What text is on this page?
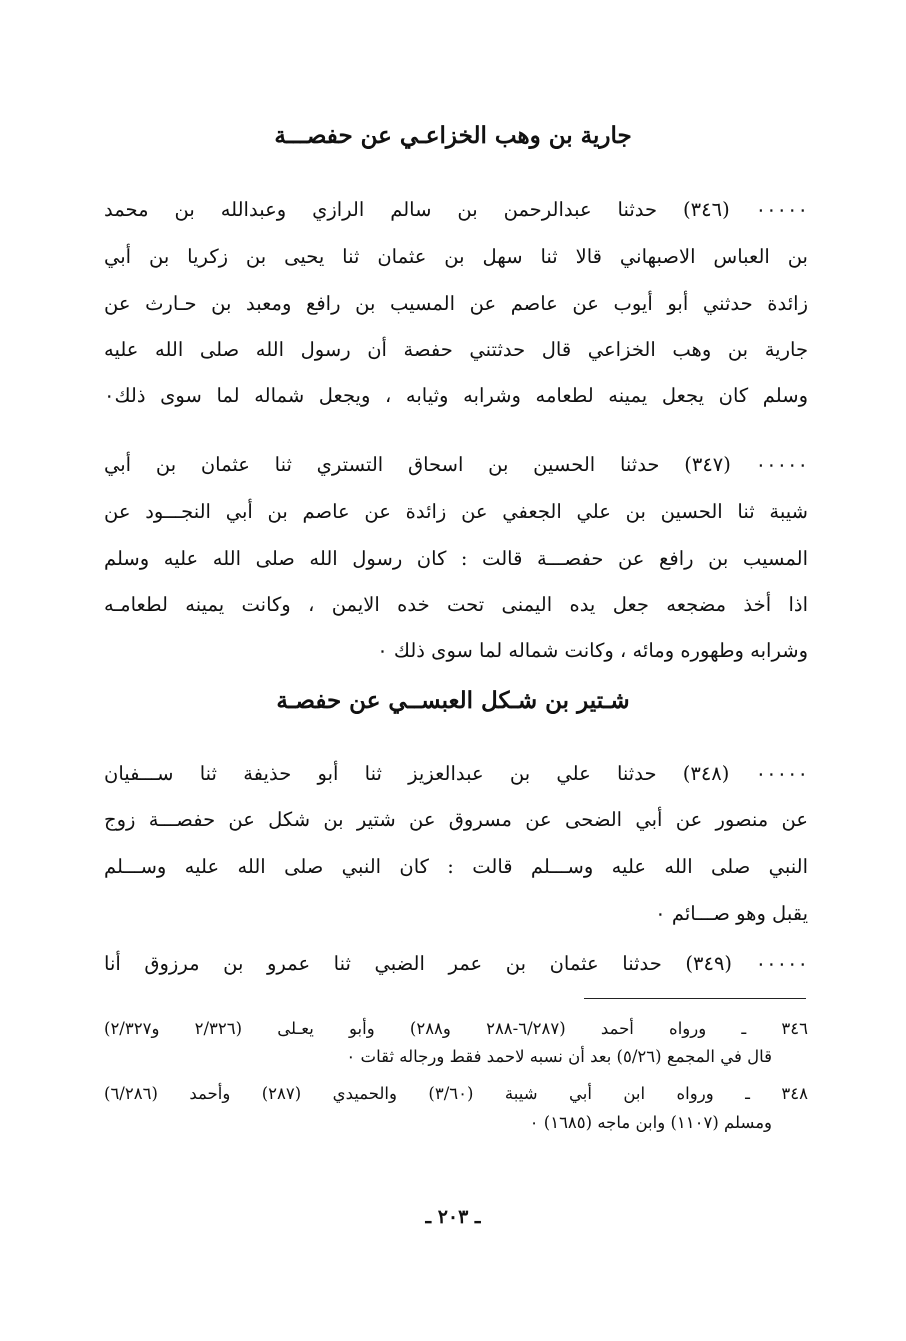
جارية بن وهب الخزاعـي عن حفصـــة
٠٠٠٠٠ (٣٤٦) حدثنا عبدالرحمن بن سالم الرازي وعبدالله بن محمد
بن العباس الاصبهاني قالا ثنا سهل بن عثمان ثنا يحيى بن زكريا بن أبي
زائدة حدثني أبو أيوب عن عاصم عن المسيب بن رافع ومعبد بن حـارث عن
جارية بن وهب الخزاعي قال حدثتني حفصة أن رسول الله صلى الله عليه
وسلم كان يجعل يمينه لطعامه وشرابه وثيابه ، ويجعل شماله لما سوى ذلك٠
٠٠٠٠٠ (٣٤٧) حدثنا الحسين بن اسحاق التستري ثنا عثمان بن أبي
شيبة ثنا الحسين بن علي الجعفي عن زائدة عن عاصم بن أبي النجـــود عن
المسيب بن رافع عن حفصـــة قالت : كان رسول الله صلى الله عليه وسلم
اذا أخذ مضجعه جعل يده اليمنى تحت خده الايمن ، وكانت يمينه لطعامـه
وشرابه وطهوره ومائه ، وكانت شماله لما سوى ذلك ٠
شـتير بن شـكل العبســي عن حفصـة
٠٠٠٠٠ (٣٤٨) حدثنا علي بن عبدالعزيز ثنا أبو حذيفة ثنا ســـفيان
عن منصور عن أبي الضحى عن مسروق عن شتير بن شكل عن حفصـــة زوج
النبي صلى الله عليه وســـلم قالت : كان النبي صلى الله عليه وســـلم
يقبل وهو صـــائم ٠
٠٠٠٠٠ (٣٤٩) حدثنا عثمان بن عمر الضبي ثنا عمرو بن مرزوق أنا
٣٤٦ ـ ورواه أحمد (٦/٢٨٧-٢٨٨ و٢٨٨) وأبو يعـلى (٢/٣٢٦ و٢/٣٢٧)
قال في المجمع (٥/٢٦) بعد أن نسبه لاحمد فقط ورجاله ثقات ٠
٣٤٨ ـ ورواه ابن أبي شيبة (٣/٦٠) والحميدي (٢٨٧) وأحمد (٦/٢٨٦)
ومسلم (١١٠٧) وابن ماجه (١٦٨٥) ٠
ـ ٢٠٣ ـ
